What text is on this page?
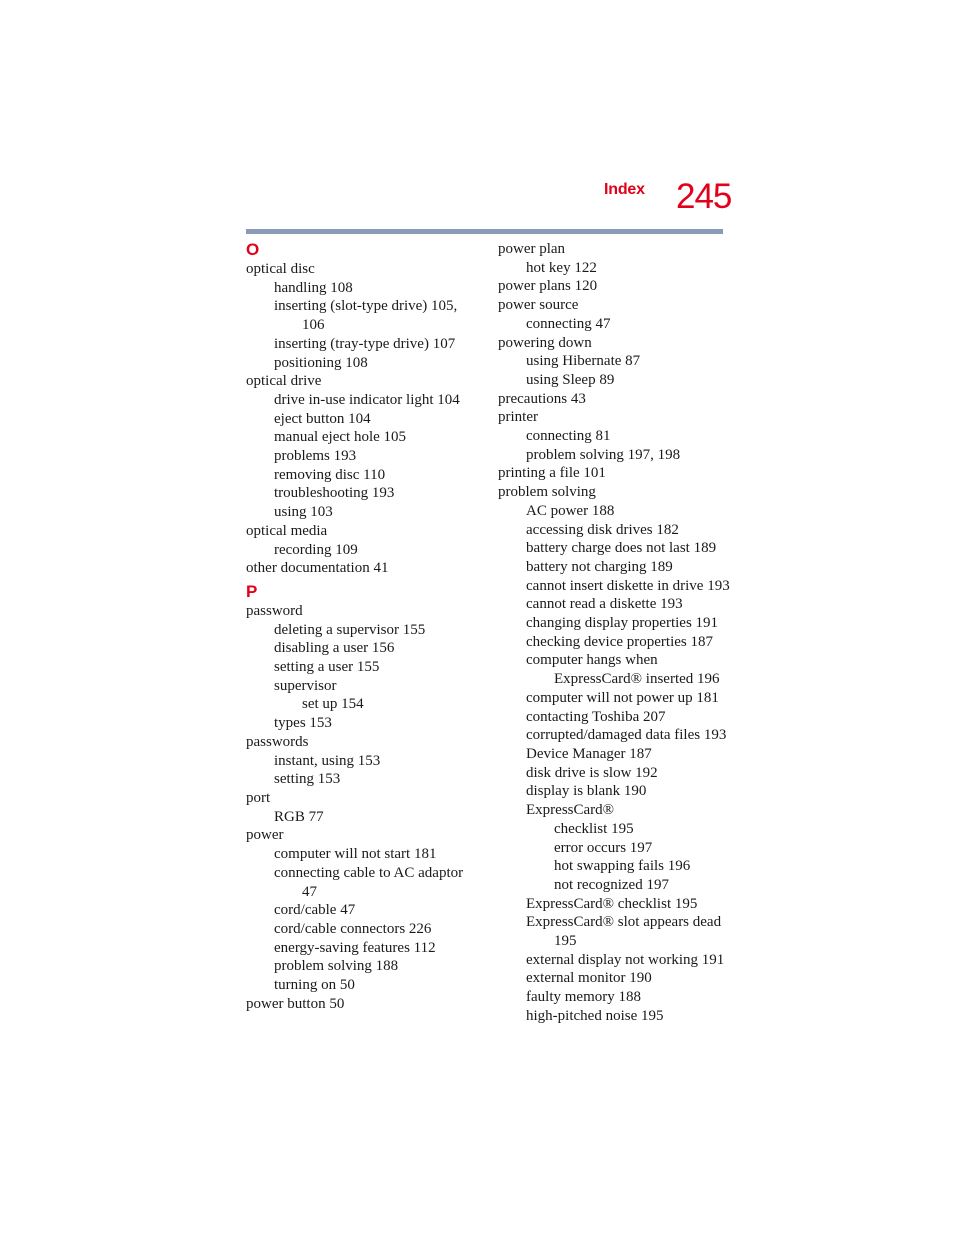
Index 245
O
optical disc
handling 108
inserting (slot-type drive) 105,
106
inserting (tray-type drive) 107
positioning 108
optical drive
drive in-use indicator light 104
eject button 104
manual eject hole 105
problems 193
removing disc 110
troubleshooting 193
using 103
optical media
recording 109
other documentation 41
P
password
deleting a supervisor 155
disabling a user 156
setting a user 155
supervisor
set up 154
types 153
passwords
instant, using 153
setting 153
port
RGB 77
power
computer will not start 181
connecting cable to AC adaptor
47
cord/cable 47
cord/cable connectors 226
energy-saving features 112
problem solving 188
turning on 50
power button 50
power plan
hot key 122
power plans 120
power source
connecting 47
powering down
using Hibernate 87
using Sleep 89
precautions 43
printer
connecting 81
problem solving 197, 198
printing a file 101
problem solving
AC power 188
accessing disk drives 182
battery charge does not last 189
battery not charging 189
cannot insert diskette in drive 193
cannot read a diskette 193
changing display properties 191
checking device properties 187
computer hangs when
ExpressCard® inserted 196
computer will not power up 181
contacting Toshiba 207
corrupted/damaged data files 193
Device Manager 187
disk drive is slow 192
display is blank 190
ExpressCard®
checklist 195
error occurs 197
hot swapping fails 196
not recognized 197
ExpressCard® checklist 195
ExpressCard® slot appears dead
195
external display not working 191
external monitor 190
faulty memory 188
high-pitched noise 195
